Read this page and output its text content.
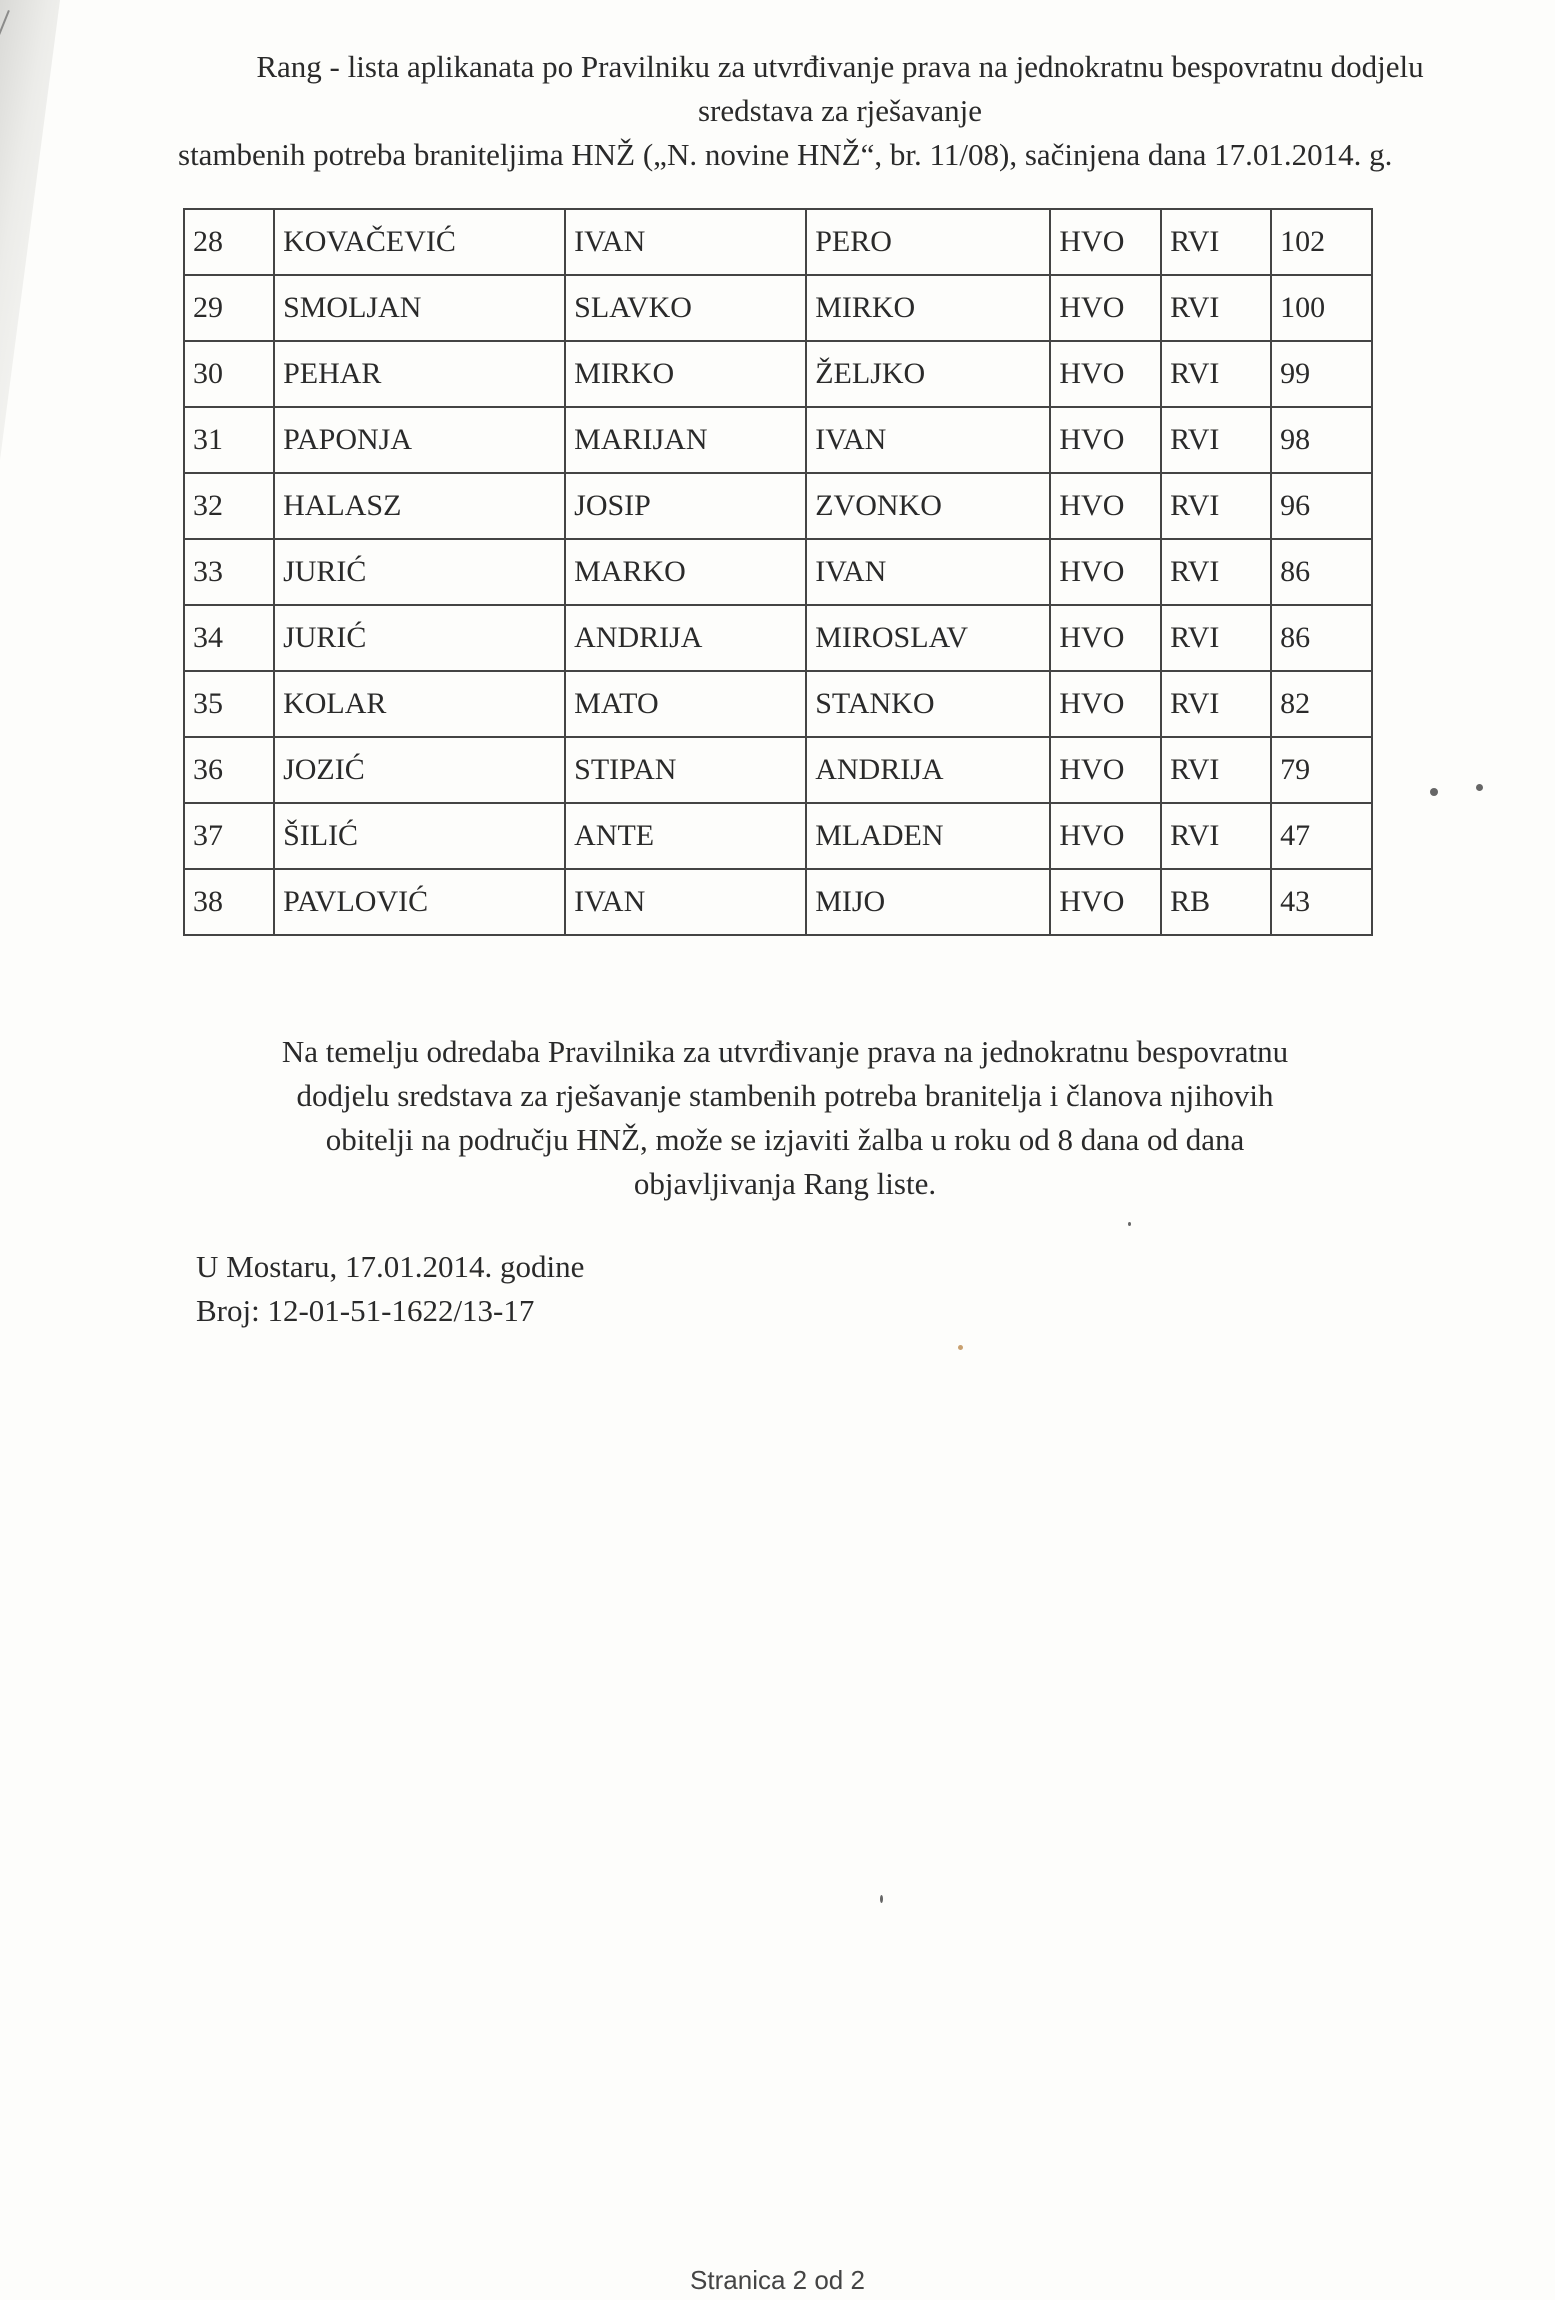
Rang - lista aplikanata po Pravilniku za utvrđivanje prava na jednokratnu bespovratnu dodjelu
sredstava za rješavanje
stambenih potreba braniteljima HNŽ („N. novine HNŽ“, br. 11/08), sačinjena dana 17.01.2014. g.
28	KOVAČEVIĆ	IVAN	PERO	HVO	RVI	102
29	SMOLJAN	SLAVKO	MIRKO	HVO	RVI	100
30	PEHAR	MIRKO	ŽELJKO	HVO	RVI	99
31	PAPONJA	MARIJAN	IVAN	HVO	RVI	98
32	HALASZ	JOSIP	ZVONKO	HVO	RVI	96
33	JURIĆ	MARKO	IVAN	HVO	RVI	86
34	JURIĆ	ANDRIJA	MIROSLAV	HVO	RVI	86
35	KOLAR	MATO	STANKO	HVO	RVI	82
36	JOZIĆ	STIPAN	ANDRIJA	HVO	RVI	79
37	ŠILIĆ	ANTE	MLADEN	HVO	RVI	47
38	PAVLOVIĆ	IVAN	MIJO	HVO	RB	43
Na temelju odredaba Pravilnika za utvrđivanje prava na jednokratnu bespovratnu
dodjelu sredstava za rješavanje stambenih potreba branitelja i članova njihovih
obitelji na području HNŽ, može se izjaviti žalba u roku od 8 dana od dana
objavljivanja Rang liste.
U Mostaru, 17.01.2014. godine
Broj: 12-01-51-1622/13-17
Stranica 2 od 2
